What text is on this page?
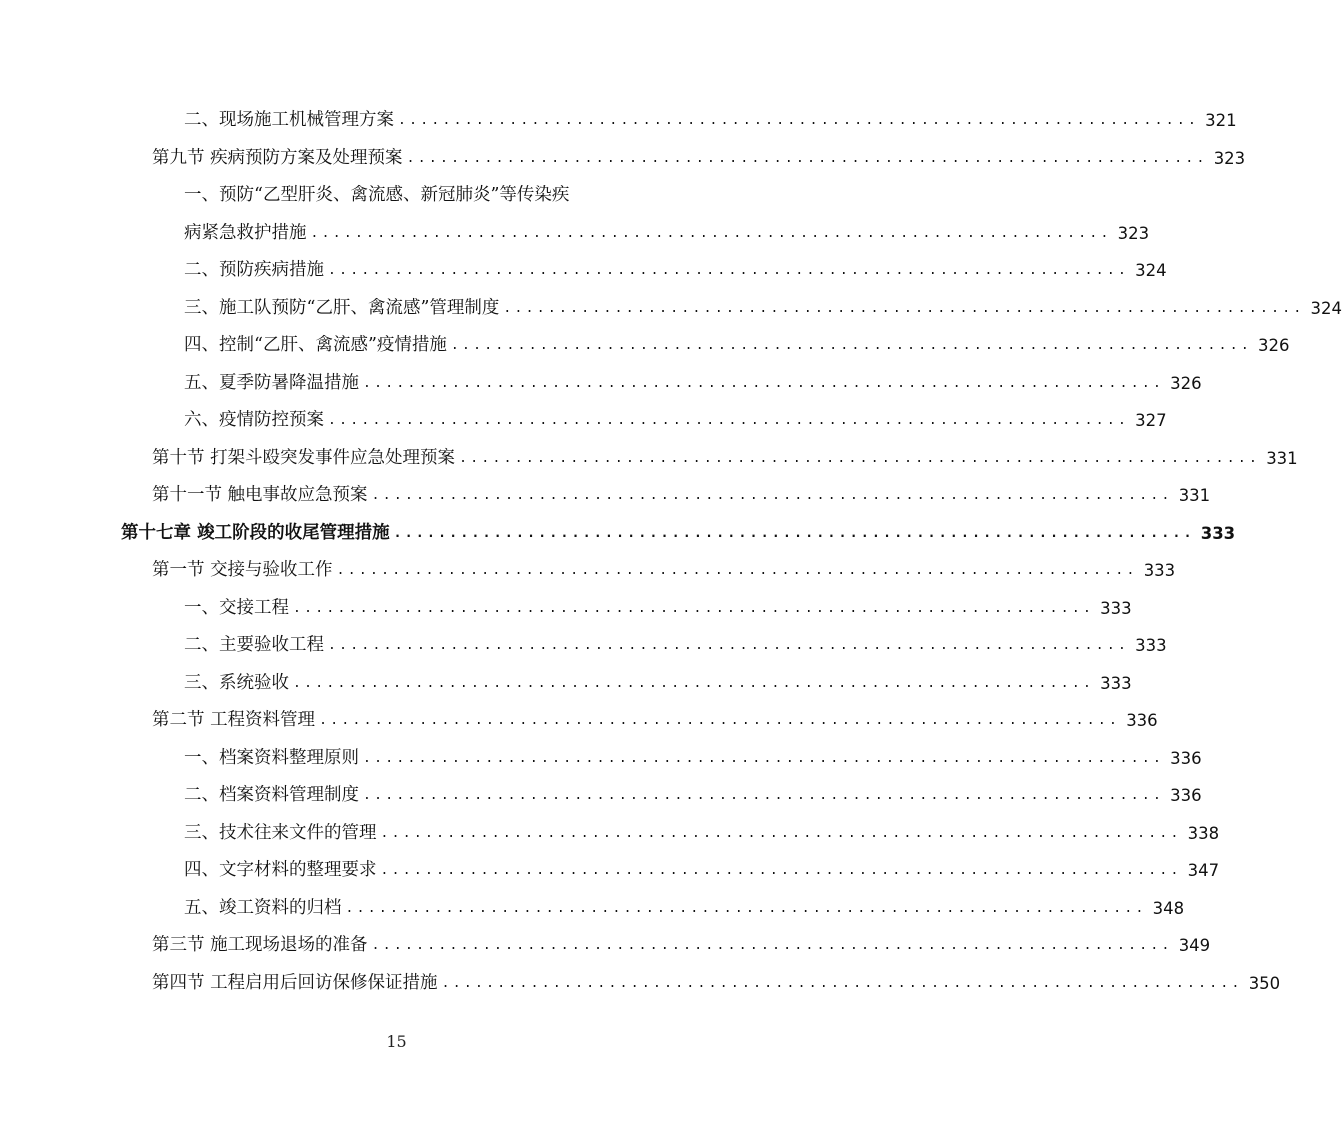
二、现场施工机械管理方案 ........................................................................ 321
第九节 疾病预防方案及处理预案 ........................................................................ 323
一、预防“乙型肝炎、禽流感、新冠肺炎”等传染疾
病紧急救护措施 ........................................................................ 323
二、预防疾病措施 ........................................................................ 324
三、施工队预防“乙肝、禽流感”管理制度 ........................................................................ 324
四、控制“乙肝、禽流感”疫情措施 ........................................................................ 326
五、夏季防暑降温措施 ........................................................................ 326
六、疫情防控预案 ........................................................................ 327
第十节 打架斗殴突发事件应急处理预案 ........................................................................ 331
第十一节 触电事故应急预案 ........................................................................ 331
第十七章 竣工阶段的收尾管理措施 ........................................................................ 333
第一节 交接与验收工作 ........................................................................ 333
一、交接工程 ........................................................................ 333
二、主要验收工程 ........................................................................ 333
三、系统验收 ........................................................................ 333
第二节 工程资料管理 ........................................................................ 336
一、档案资料整理原则 ........................................................................ 336
二、档案资料管理制度 ........................................................................ 336
三、技术往来文件的管理 ........................................................................ 338
四、文字材料的整理要求 ........................................................................ 347
五、竣工资料的归档 ........................................................................ 348
第三节 施工现场退场的准备 ........................................................................ 349
第四节 工程启用后回访保修保证措施 ........................................................................ 350
15
